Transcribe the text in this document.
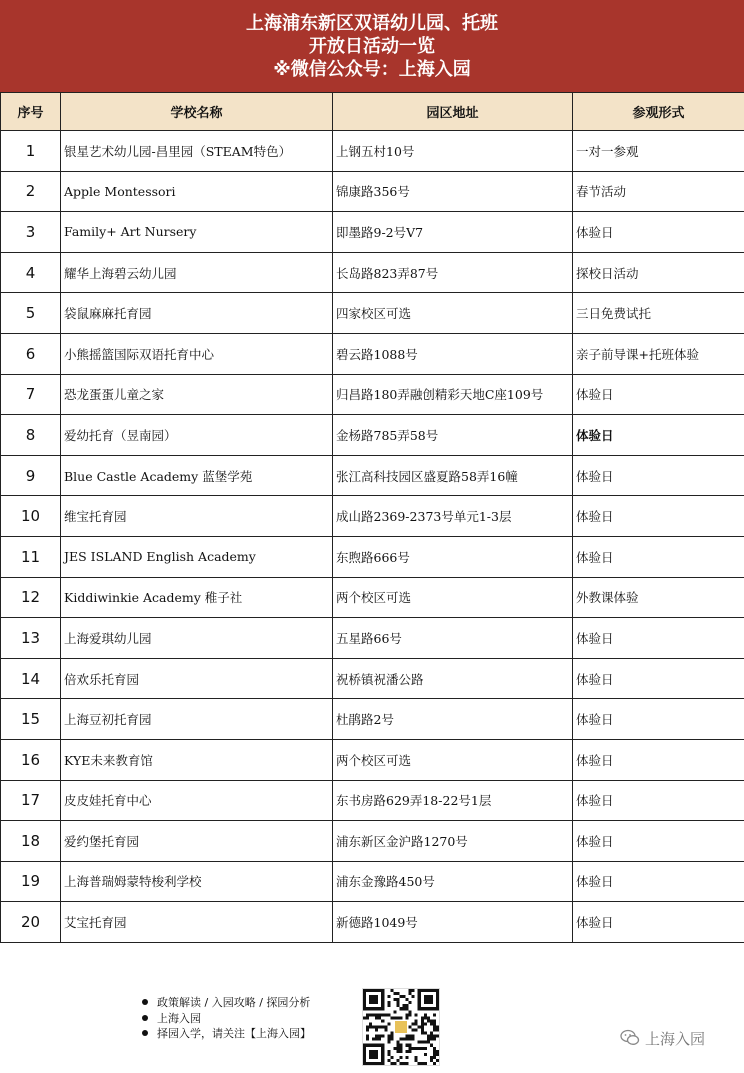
上海浦东新区双语幼儿园、托班
开放日活动一览
※微信公众号：上海入园
序号	学校名称	园区地址	参观形式
1	银星艺术幼儿园-昌里园（STEAM特色）	上钢五村10号	一对一参观
2	Apple Montessori	锦康路356号	春节活动
3	Family+ Art Nursery	即墨路9-2号V7	体验日
4	耀华上海碧云幼儿园	长岛路823弄87号	探校日活动
5	袋鼠麻麻托育园	四家校区可选	三日免费试托
6	小熊摇篮国际双语托育中心	碧云路1088号	亲子前导课+托班体验
7	恐龙蛋蛋儿童之家	归昌路180弄融创精彩天地C座109号	体验日
8	爱幼托育（昱南园）	金杨路785弄58号	体验日
9	Blue Castle Academy 蓝堡学苑	张江高科技园区盛夏路58弄16幢	体验日
10	维宝托育园	成山路2369-2373号单元1-3层	体验日
11	JES ISLAND English Academy	东煦路666号	体验日
12	Kiddiwinkie Academy 稚子社	两个校区可选	外教课体验
13	上海爱琪幼儿园	五星路66号	体验日
14	倍欢乐托育园	祝桥镇祝潘公路	体验日
15	上海豆初托育园	杜鹃路2号	体验日
16	KYE未来教育馆	两个校区可选	体验日
17	皮皮娃托育中心	东书房路629弄18-22号1层	体验日
18	爱约堡托育园	浦东新区金沪路1270号	体验日
19	上海普瑞姆蒙特梭利学校	浦东金豫路450号	体验日
20	艾宝托育园	新德路1049号	体验日
政策解读 / 入园攻略 / 探园分析
上海入园
择园入学，请关注【上海入园】	上海入园
